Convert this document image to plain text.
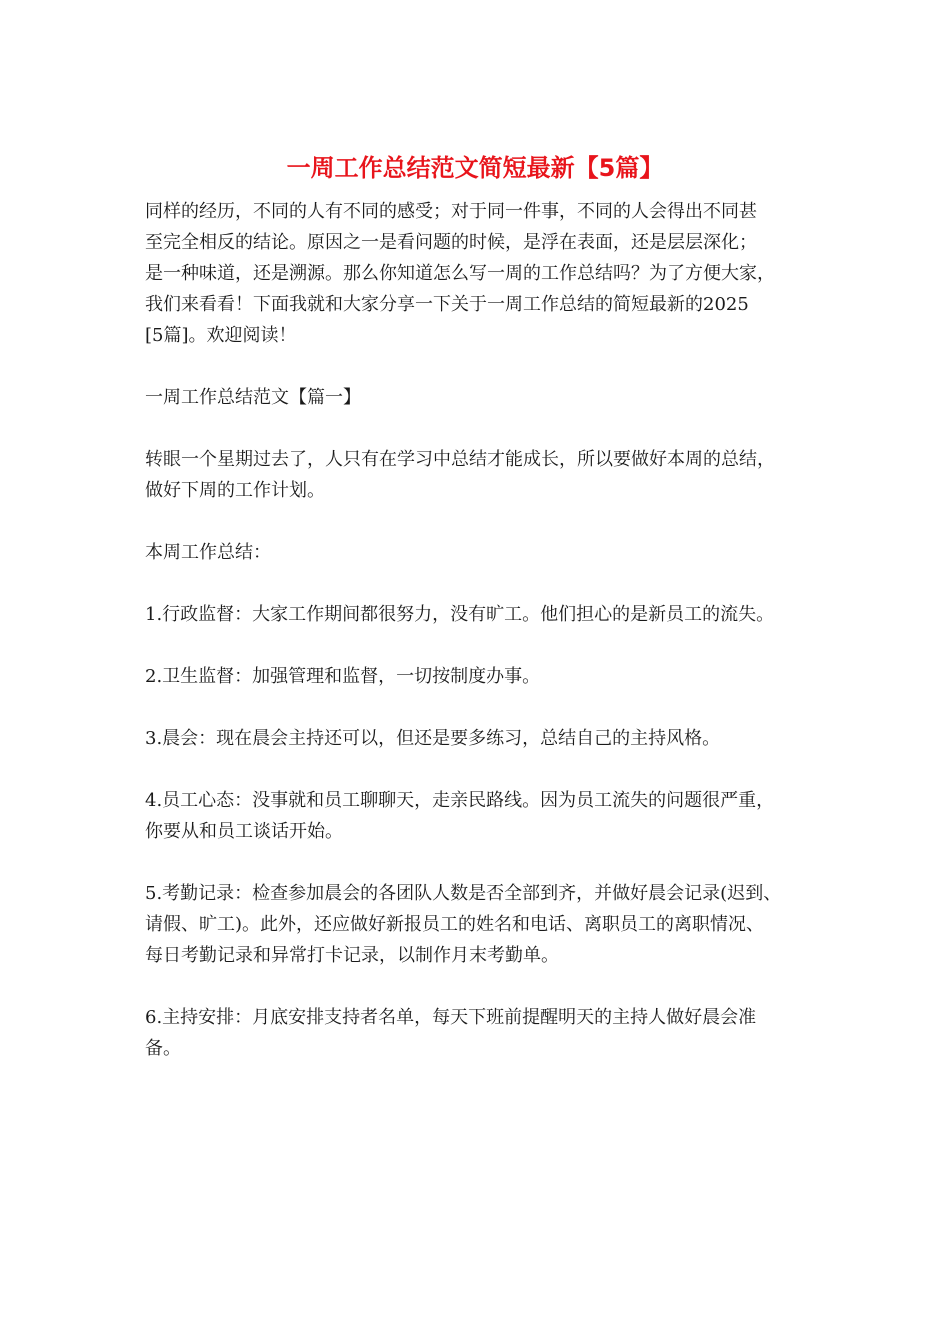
一周工作总结范文简短最新【5篇】

同样的经历，不同的人有不同的感受；对于同一件事，不同的人会得出不同甚
至完全相反的结论。原因之一是看问题的时候，是浮在表面，还是层层深化；
是一种味道，还是溯源。那么你知道怎么写一周的工作总结吗？为了方便大家，
我们来看看！下面我就和大家分享一下关于一周工作总结的简短最新的2025
[5篇]。欢迎阅读！

一周工作总结范文【篇一】

转眼一个星期过去了，人只有在学习中总结才能成长，所以要做好本周的总结，
做好下周的工作计划。

本周工作总结：

1.行政监督：大家工作期间都很努力，没有旷工。他们担心的是新员工的流失。

2.卫生监督：加强管理和监督，一切按制度办事。

3.晨会：现在晨会主持还可以，但还是要多练习，总结自己的主持风格。

4.员工心态：没事就和员工聊聊天，走亲民路线。因为员工流失的问题很严重，
你要从和员工谈话开始。

5.考勤记录：检查参加晨会的各团队人数是否全部到齐，并做好晨会记录(迟到、
请假、旷工)。此外，还应做好新报员工的姓名和电话、离职员工的离职情况、
每日考勤记录和异常打卡记录，以制作月末考勤单。

6.主持安排：月底安排支持者名单，每天下班前提醒明天的主持人做好晨会准
备。
